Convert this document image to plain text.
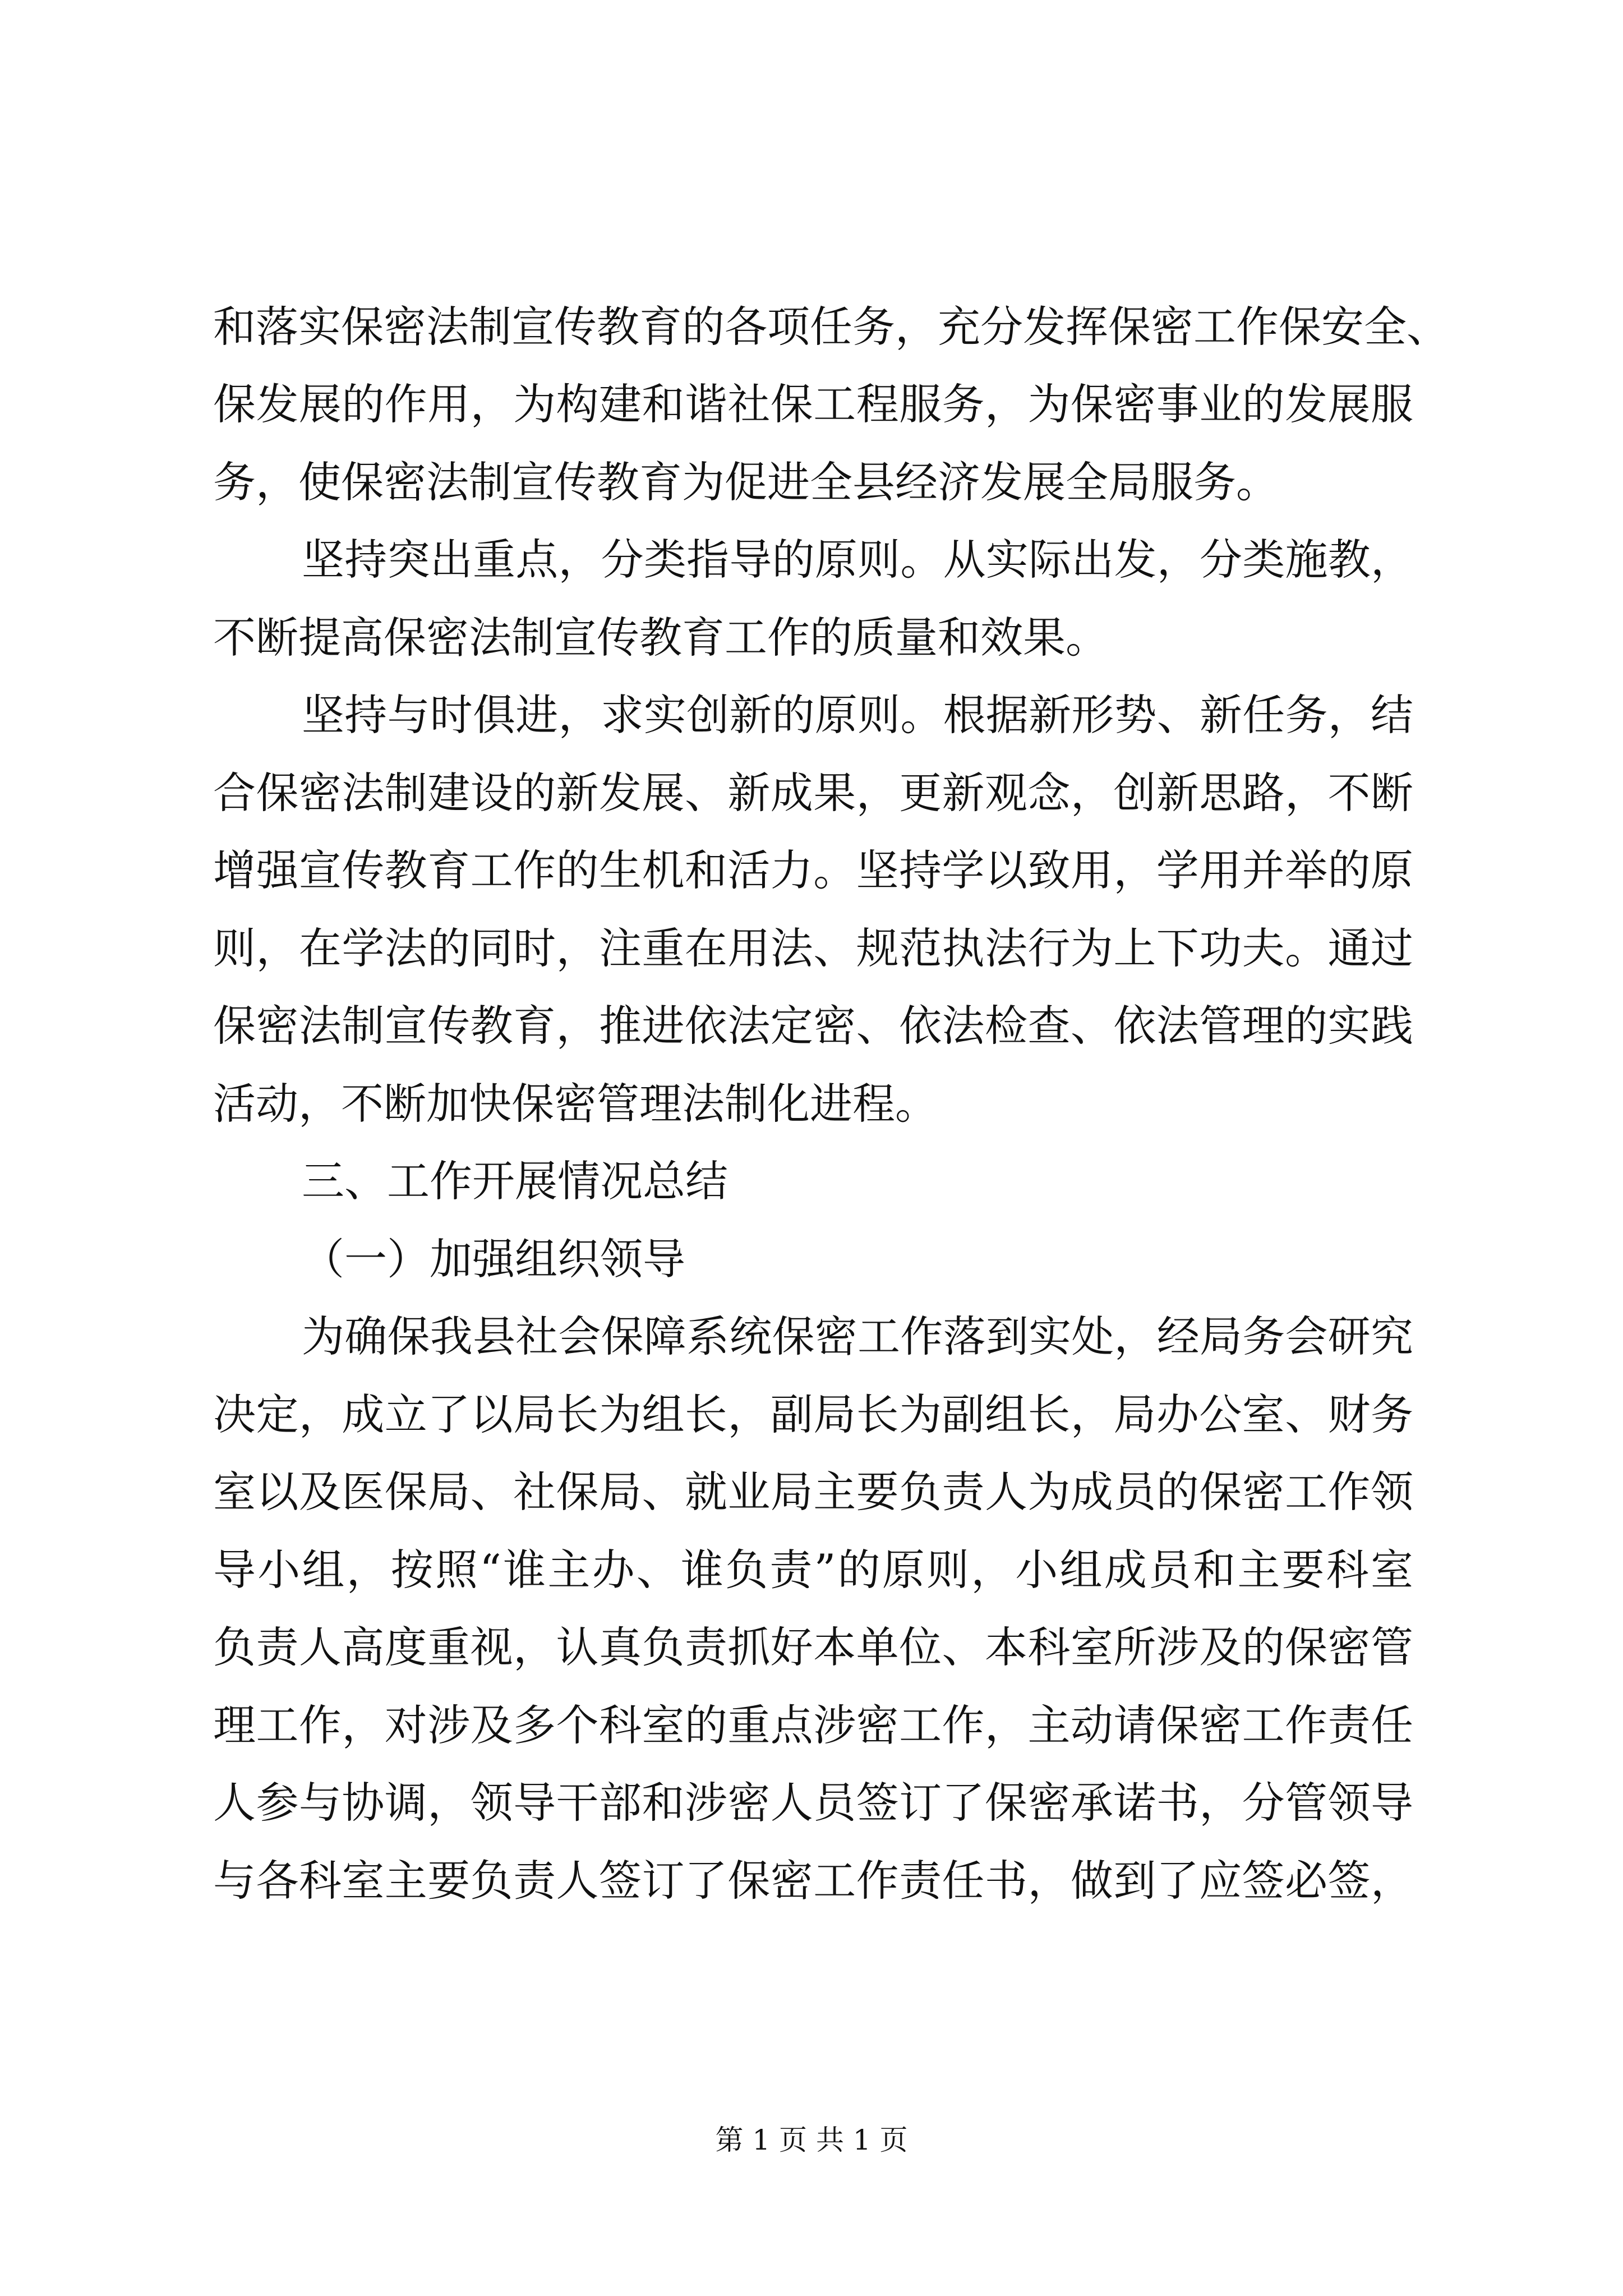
和落实保密法制宣传教育的各项任务，充分发挥保密工作保安全、
保发展的作用，为构建和谐社保工程服务，为保密事业的发展服
务，使保密法制宣传教育为促进全县经济发展全局服务。
坚持突出重点，分类指导的原则。从实际出发，分类施教，
不断提高保密法制宣传教育工作的质量和效果。
坚持与时俱进，求实创新的原则。根据新形势、新任务，结
合保密法制建设的新发展、新成果，更新观念，创新思路，不断
增强宣传教育工作的生机和活力。坚持学以致用，学用并举的原
则，在学法的同时，注重在用法、规范执法行为上下功夫。通过
保密法制宣传教育，推进依法定密、依法检查、依法管理的实践
活动，不断加快保密管理法制化进程。
三、工作开展情况总结
（一）加强组织领导
为确保我县社会保障系统保密工作落到实处，经局务会研究
决定，成立了以局长为组长，副局长为副组长，局办公室、财务
室以及医保局、社保局、就业局主要负责人为成员的保密工作领
导小组，按照“谁主办、谁负责”的原则，小组成员和主要科室
负责人高度重视，认真负责抓好本单位、本科室所涉及的保密管
理工作，对涉及多个科室的重点涉密工作，主动请保密工作责任
人参与协调，领导干部和涉密人员签订了保密承诺书，分管领导
与各科室主要负责人签订了保密工作责任书，做到了应签必签，
第 1 页 共 1 页
